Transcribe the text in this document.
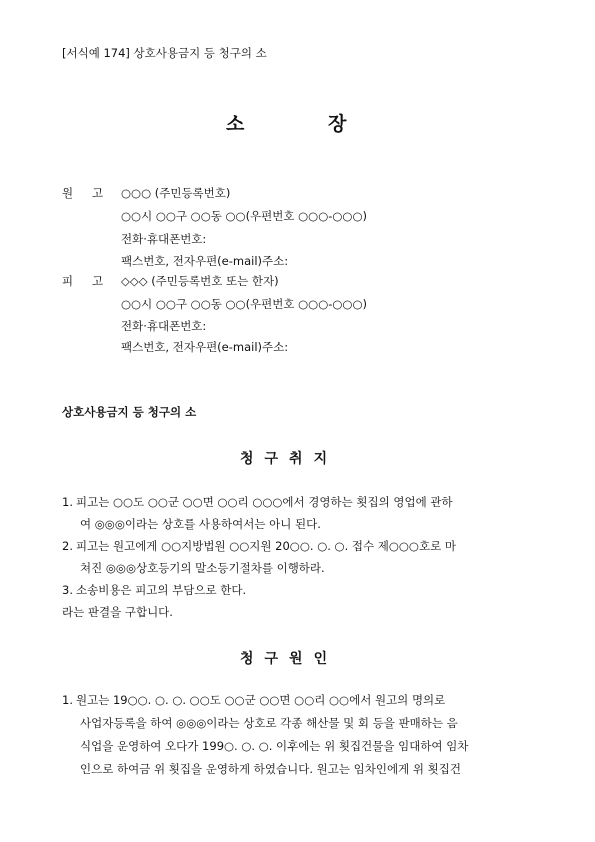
[서식예 174] 상호사용금지 등 청구의 소
소	장
원 고 ○○○ (주민등록번호)
○○시 ○○구 ○○동 ○○(우편번호 ○○○-○○○)
전화·휴대폰번호:
팩스번호, 전자우편(e-mail)주소:
피 고 ◇◇◇ (주민등록번호 또는 한자)
○○시 ○○구 ○○동 ○○(우편번호 ○○○-○○○)
전화·휴대폰번호:
팩스번호, 전자우편(e-mail)주소:
상호사용금지 등 청구의 소
청구취지
1. 피고는 ○○도 ○○군 ○○면 ○○리 ○○○에서 경영하는 횟집의 영업에 관하
여 ◎◎◎이라는 상호를 사용하여서는 아니 된다.
2. 피고는 원고에게 ○○지방법원 ○○지원 20○○. ○. ○. 접수 제○○○호로 마
쳐진 ◎◎◎상호등기의 말소등기절차를 이행하라.
3. 소송비용은 피고의 부담으로 한다.
라는 판결을 구합니다.
청구원인
1. 원고는 19○○. ○. ○. ○○도 ○○군 ○○면 ○○리 ○○에서 원고의 명의로
사업자등록을 하여 ◎◎◎이라는 상호로 각종 해산물 및 회 등을 판매하는 음
식업을 운영하여 오다가 199○. ○. ○. 이후에는 위 횟집건물을 임대하여 임차
인으로 하여금 위 횟집을 운영하게 하였습니다. 원고는 임차인에게 위 횟집건
